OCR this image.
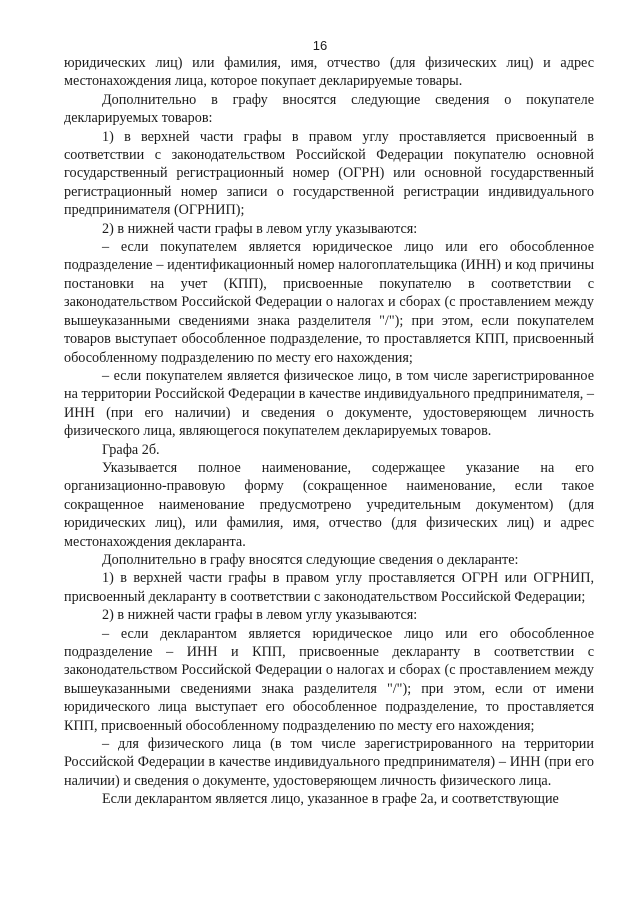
16

юридических лиц) или фамилия, имя, отчество (для физических лиц) и адрес местонахождения лица, которое покупает декларируемые товары.

Дополнительно в графу вносятся следующие сведения о покупателе декларируемых товаров:

1) в верхней части графы в правом углу проставляется присвоенный в соответствии с законодательством Российской Федерации покупателю основной государственный регистрационный номер (ОГРН) или основной государственный регистрационный номер записи о государственной регистрации индивидуального предпринимателя (ОГРНИП);

2) в нижней части графы в левом углу указываются:

– если покупателем является юридическое лицо или его обособленное подразделение – идентификационный номер налогоплательщика (ИНН) и код причины постановки на учет (КПП), присвоенные покупателю в соответствии с законодательством Российской Федерации о налогах и сборах (с проставлением между вышеуказанными сведениями знака разделителя "/"); при этом, если покупателем товаров выступает обособленное подразделение, то проставляется КПП, присвоенный обособленному подразделению по месту его нахождения;

– если покупателем является физическое лицо, в том числе зарегистрированное на территории Российской Федерации в качестве индивидуального предпринимателя, – ИНН (при его наличии) и сведения о документе, удостоверяющем личность физического лица, являющегося покупателем декларируемых товаров.

Графа 2б.

Указывается полное наименование, содержащее указание на его организационно-правовую форму (сокращенное наименование, если такое сокращенное наименование предусмотрено учредительным документом) (для юридических лиц), или фамилия, имя, отчество (для физических лиц) и адрес местонахождения декларанта.

Дополнительно в графу вносятся следующие сведения о декларанте:

1) в верхней части графы в правом углу проставляется ОГРН или ОГРНИП, присвоенный декларанту в соответствии с законодательством Российской Федерации;

2) в нижней части графы в левом углу указываются:

– если декларантом является юридическое лицо или его обособленное подразделение – ИНН и КПП, присвоенные декларанту в соответствии с законодательством Российской Федерации о налогах и сборах (с проставлением между вышеуказанными сведениями знака разделителя "/"); при этом, если от имени юридического лица выступает его обособленное подразделение, то проставляется КПП, присвоенный обособленному подразделению по месту его нахождения;

– для физического лица (в том числе зарегистрированного на территории Российской Федерации в качестве индивидуального предпринимателя) – ИНН (при его наличии) и сведения о документе, удостоверяющем личность физического лица.

Если декларантом является лицо, указанное в графе 2а, и соответствующие
